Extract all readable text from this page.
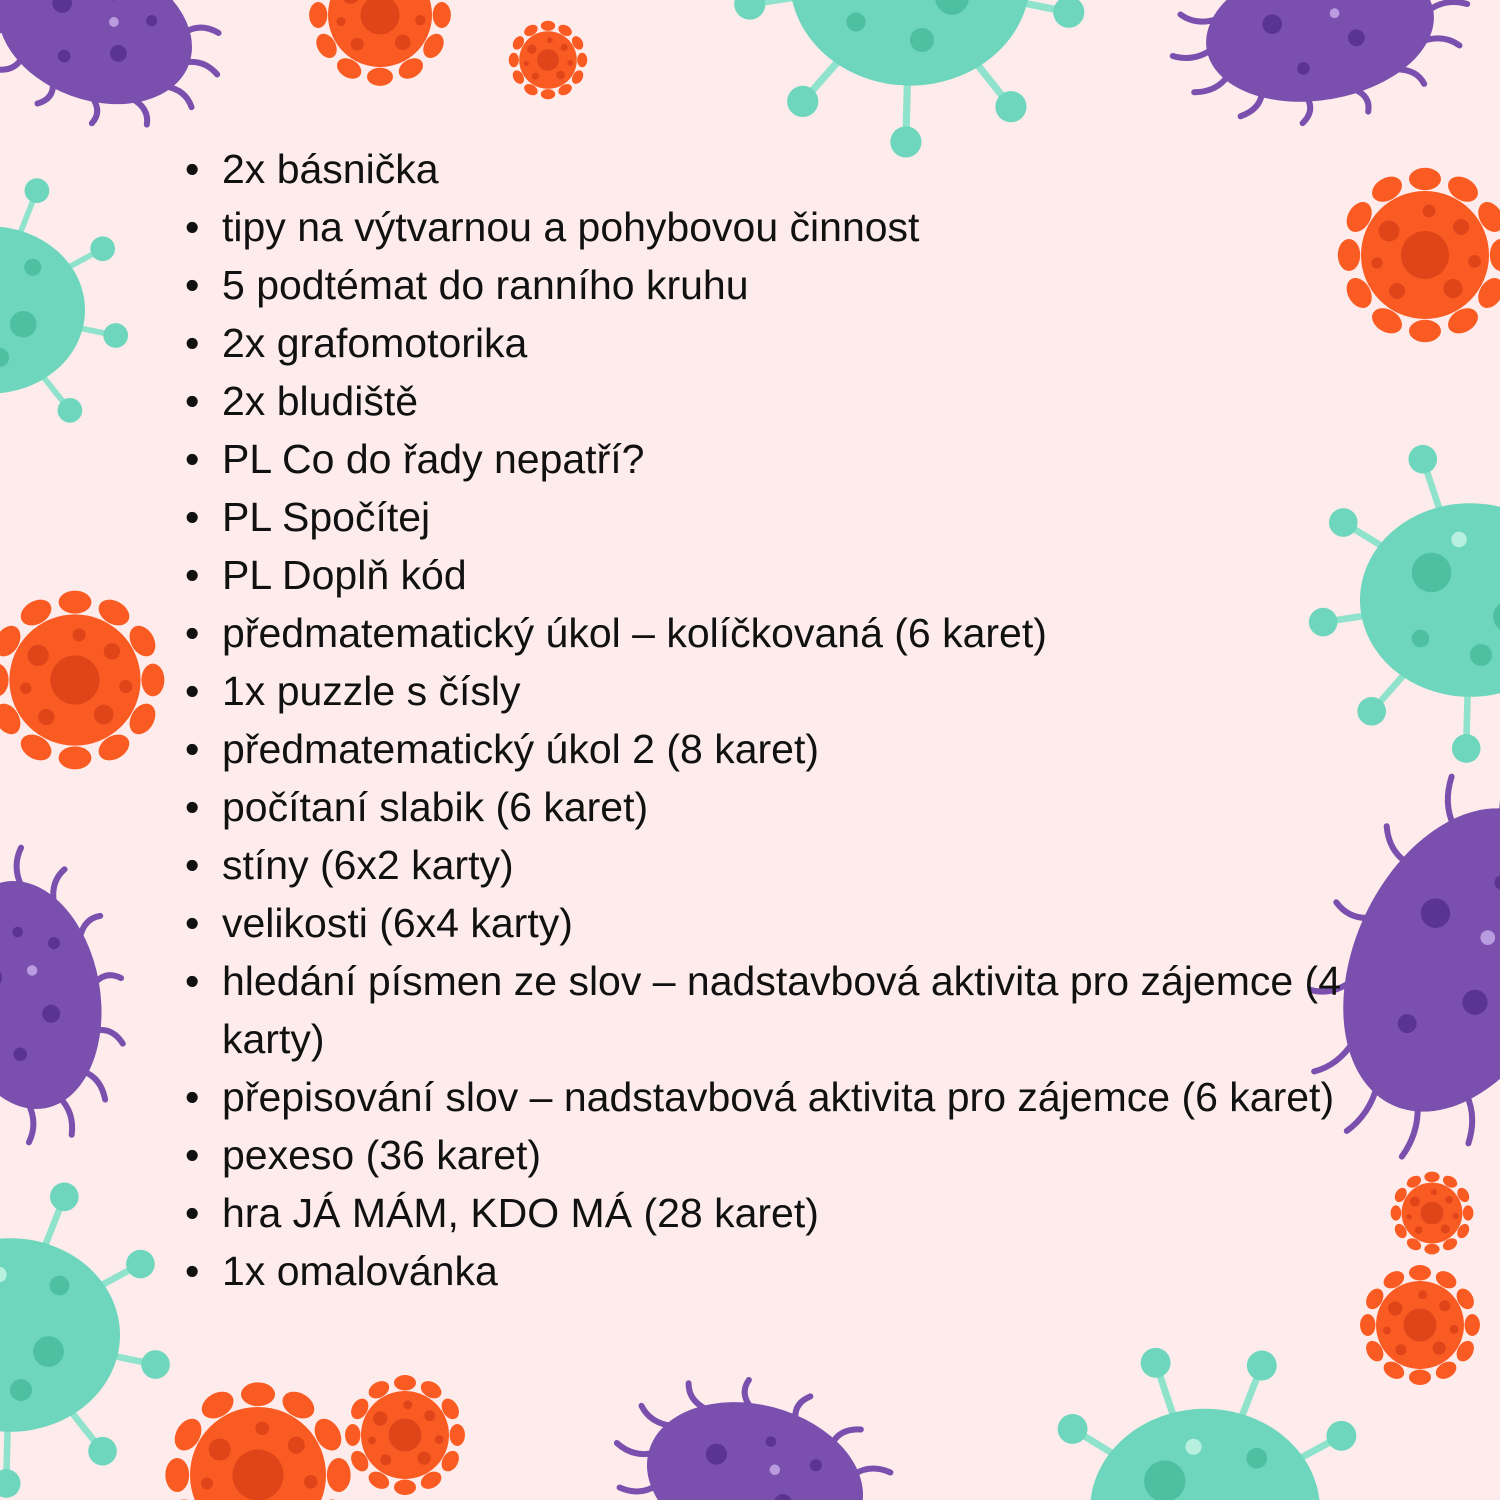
• 2x básnička
• tipy na výtvarnou a pohybovou činnost
• 5 podtémat do ranního kruhu
• 2x grafomotorika
• 2x bludiště
• PL Co do řady nepatří?
• PL Spočítej
• PL Doplň kód
• předmatematický úkol – kolíčkovaná (6 karet)
• 1x puzzle s čísly
• předmatematický úkol 2 (8 karet)
• počítaní slabik (6 karet)
• stíny (6x2 karty)
• velikosti (6x4 karty)
• hledání písmen ze slov – nadstavbová aktivita pro zájemce (4 karty)
• přepisování slov – nadstavbová aktivita pro zájemce (6 karet)
• pexeso (36 karet)
• hra JÁ MÁM, KDO MÁ (28 karet)
• 1x omalovánka
